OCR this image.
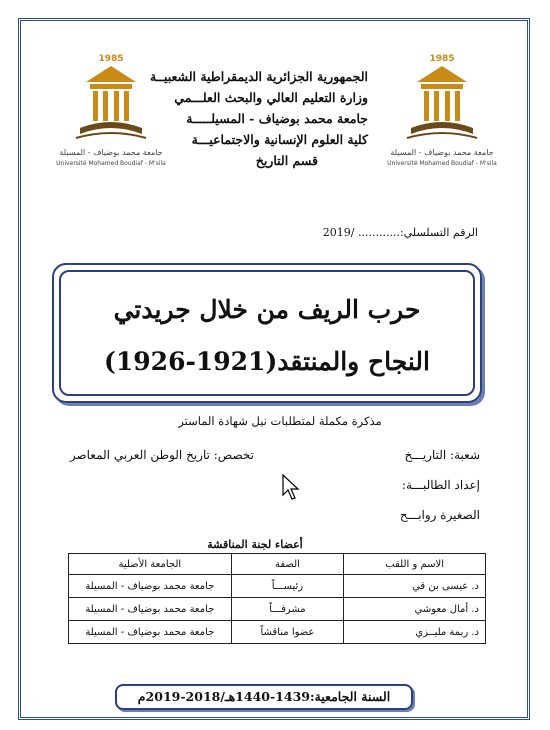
1985
جامعة محمد بوضياف - المسيلة
Université Mohamed Boudiaf - M'sila
1985
جامعة محمد بوضياف - المسيلة
Université Mohamed Boudiaf - M'sila
الجمهورية الجزائرية الديمقراطية الشعبيــة
وزارة التعليم العالي والبحث العلـــمي
جامعة محمد بوضياف - المسيلـــــة
كلية العلوم الإنسانية والاجتماعيـــة
قسم التاريخ
الرقم التسلسلي:............ /2019
حرب الريف من خلال جريدتي
النجاح والمنتقد(1921-1926)
مذكرة مكملة لمتطلبات نيل شهادة الماستر
شعبة: التاريـــخ
تخصص: تاريخ الوطن العربي المعاصر
إعداد الطالبـــة:
الصغيرة روابـــح
أعضاء لجنة المناقشة
الاسم و اللقب	الصفة	الجامعة الأصلية
د. عيسى بن قي	رئيســـاً	جامعة محمد بوضياف - المسيلة
د. أمال معوشي	مشرفـــاً	جامعة محمد بوضياف - المسيلة
د. ربمة مليــزي	عضوا مناقشاً	جامعة محمد بوضياف - المسيلة
السنة الجامعية:1439-1440هـ/2018-2019م
